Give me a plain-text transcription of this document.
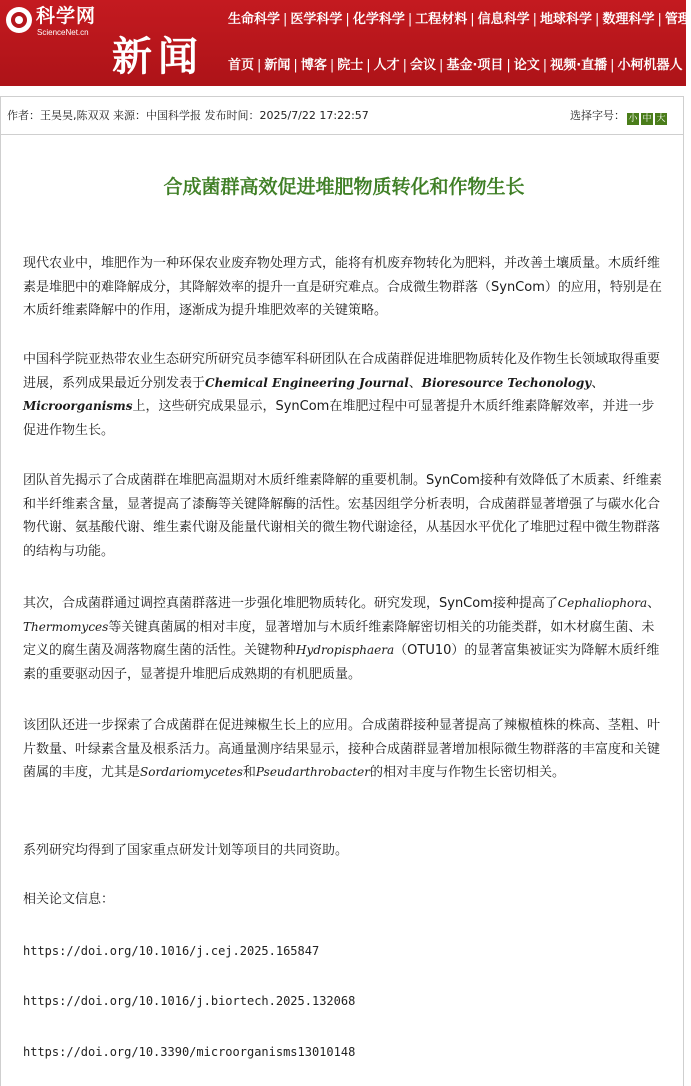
科学网
ScienceNet.cn
新闻
生命科学 | 医学科学 | 化学科学 | 工程材料 | 信息科学 | 地球科学 | 数理科学 | 管理
首页 | 新闻 | 博客 | 院士 | 人才 | 会议 | 基金·项目 | 论文 | 视频·直播 | 小柯机器人
作者：王昊昊,陈双双 来源：中国科学报 发布时间：2025/7/22 17:22:57	选择字号： 小 中 大
合成菌群高效促进堆肥物质转化和作物生长

现代农业中，堆肥作为一种环保农业废弃物处理方式，能将有机废弃物转化为肥料，并改善土壤质量。木质纤维素是堆肥中的难降解成分，其降解效率的提升一直是研究难点。合成微生物群落（SynCom）的应用，特别是在木质纤维素降解中的作用，逐渐成为提升堆肥效率的关键策略。

中国科学院亚热带农业生态研究所研究员李德军科研团队在合成菌群促进堆肥物质转化及作物生长领域取得重要进展，系列成果最近分别发表于Chemical Engineering Journal、Bioresource Techonology、Microorganisms上，这些研究成果显示，SynCom在堆肥过程中可显著提升木质纤维素降解效率，并进一步促进作物生长。

团队首先揭示了合成菌群在堆肥高温期对木质纤维素降解的重要机制。SynCom接种有效降低了木质素、纤维素和半纤维素含量，显著提高了漆酶等关键降解酶的活性。宏基因组学分析表明，合成菌群显著增强了与碳水化合物代谢、氨基酸代谢、维生素代谢及能量代谢相关的微生物代谢途径，从基因水平优化了堆肥过程中微生物群落的结构与功能。

其次，合成菌群通过调控真菌群落进一步强化堆肥物质转化。研究发现，SynCom接种提高了Cephaliophora、Thermomyces等关键真菌属的相对丰度，显著增加与木质纤维素降解密切相关的功能类群，如木材腐生菌、未定义的腐生菌及凋落物腐生菌的活性。关键物种Hydropisphaera（OTU10）的显著富集被证实为降解木质纤维素的重要驱动因子，显著提升堆肥后成熟期的有机肥质量。

该团队还进一步探索了合成菌群在促进辣椒生长上的应用。合成菌群接种显著提高了辣椒植株的株高、茎粗、叶片数量、叶绿素含量及根系活力。高通量测序结果显示，接种合成菌群显著增加根际微生物群落的丰富度和关键菌属的丰度，尤其是Sordariomycetes和Pseudarthrobacter的相对丰度与作物生长密切相关。

系列研究均得到了国家重点研发计划等项目的共同资助。

相关论文信息：

https://doi.org/10.1016/j.cej.2025.165847
https://doi.org/10.1016/j.biortech.2025.132068
https://doi.org/10.3390/microorganisms13010148
